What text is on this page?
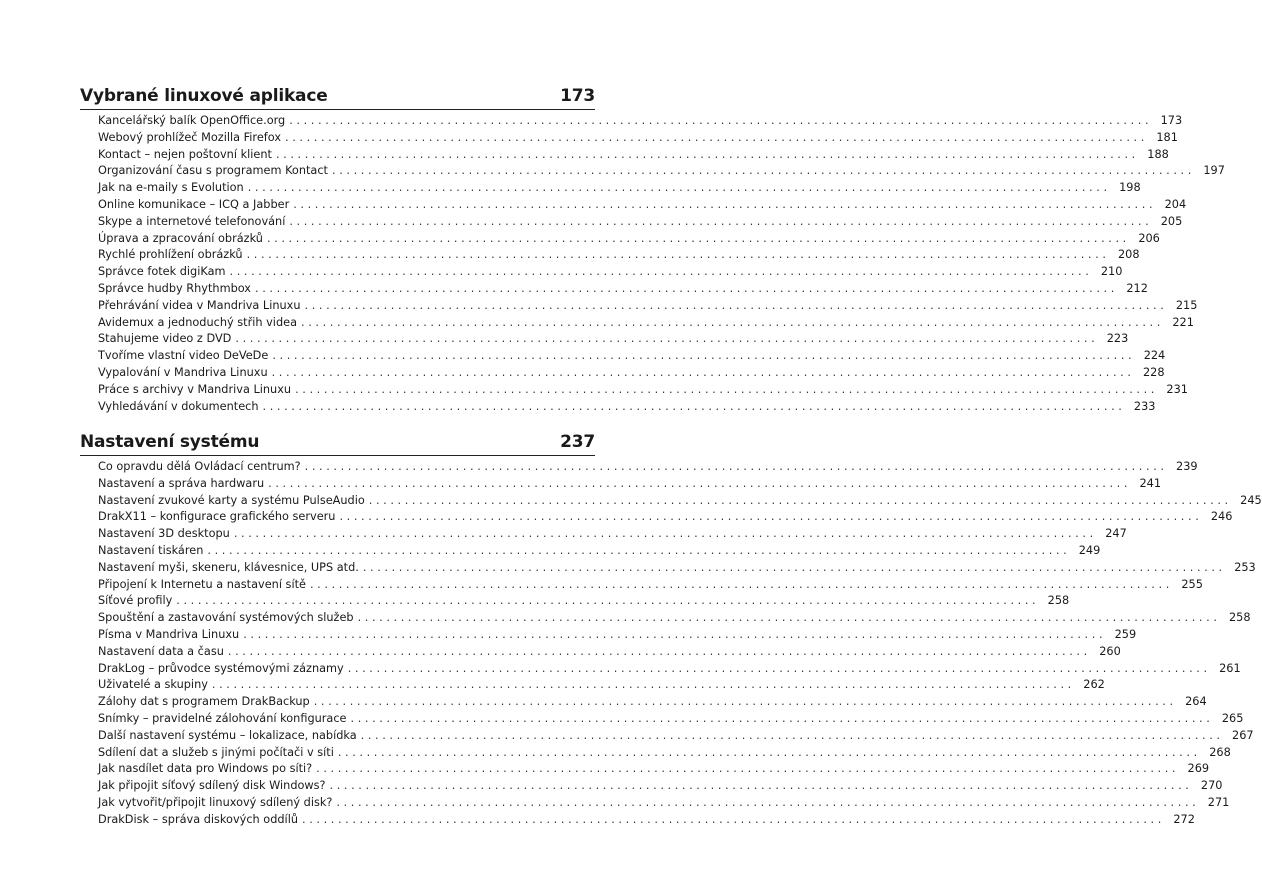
Vybrané linuxové aplikace	173
Kancelářský balík OpenOffice.org ........................................................................................................................ 173
Webový prohlížeč Mozilla Firefox ........................................................................................................................ 181
Kontact – nejen poštovní klient ........................................................................................................................ 188
Organizování času s programem Kontact ........................................................................................................................ 197
Jak na e-maily s Evolution ........................................................................................................................ 198
Online komunikace – ICQ a Jabber ........................................................................................................................ 204
Skype a internetové telefonování ........................................................................................................................ 205
Úprava a zpracování obrázků ........................................................................................................................ 206
Rychlé prohlížení obrázků ........................................................................................................................ 208
Správce fotek digiKam ........................................................................................................................ 210
Správce hudby Rhythmbox ........................................................................................................................ 212
Přehrávání videa v Mandriva Linuxu ........................................................................................................................ 215
Avidemux a jednoduchý střih videa ........................................................................................................................ 221
Stahujeme video z DVD ........................................................................................................................ 223
Tvoříme vlastní video DeVeDe ........................................................................................................................ 224
Vypalování v Mandriva Linuxu ........................................................................................................................ 228
Práce s archivy v Mandriva Linuxu ........................................................................................................................ 231
Vyhledávání v dokumentech ........................................................................................................................ 233
Nastavení systému	237
Co opravdu dělá Ovládací centrum? ........................................................................................................................ 239
Nastavení a správa hardwaru ........................................................................................................................ 241
Nastavení zvukové karty a systému PulseAudio ........................................................................................................................ 245
DrakX11 – konfigurace grafického serveru ........................................................................................................................ 246
Nastavení 3D desktopu ........................................................................................................................ 247
Nastavení tiskáren ........................................................................................................................ 249
Nastavení myši, skeneru, klávesnice, UPS atd. ........................................................................................................................ 253
Připojení k Internetu a nastavení sítě ........................................................................................................................ 255
Síťové profily ........................................................................................................................ 258
Spouštění a zastavování systémových služeb ........................................................................................................................ 258
Písma v Mandriva Linuxu ........................................................................................................................ 259
Nastavení data a času ........................................................................................................................ 260
DrakLog – průvodce systémovými záznamy ........................................................................................................................ 261
Uživatelé a skupiny ........................................................................................................................ 262
Zálohy dat s programem DrakBackup ........................................................................................................................ 264
Snímky – pravidelné zálohování konfigurace ........................................................................................................................ 265
Další nastavení systému – lokalizace, nabídka ........................................................................................................................ 267
Sdílení dat a služeb s jinými počítači v síti ........................................................................................................................ 268
Jak nasdílet data pro Windows po síti? ........................................................................................................................ 269
Jak připojit síťový sdílený disk Windows? ........................................................................................................................ 270
Jak vytvořit/připojit linuxový sdílený disk? ........................................................................................................................ 271
DrakDisk – správa diskových oddílů ........................................................................................................................ 272
